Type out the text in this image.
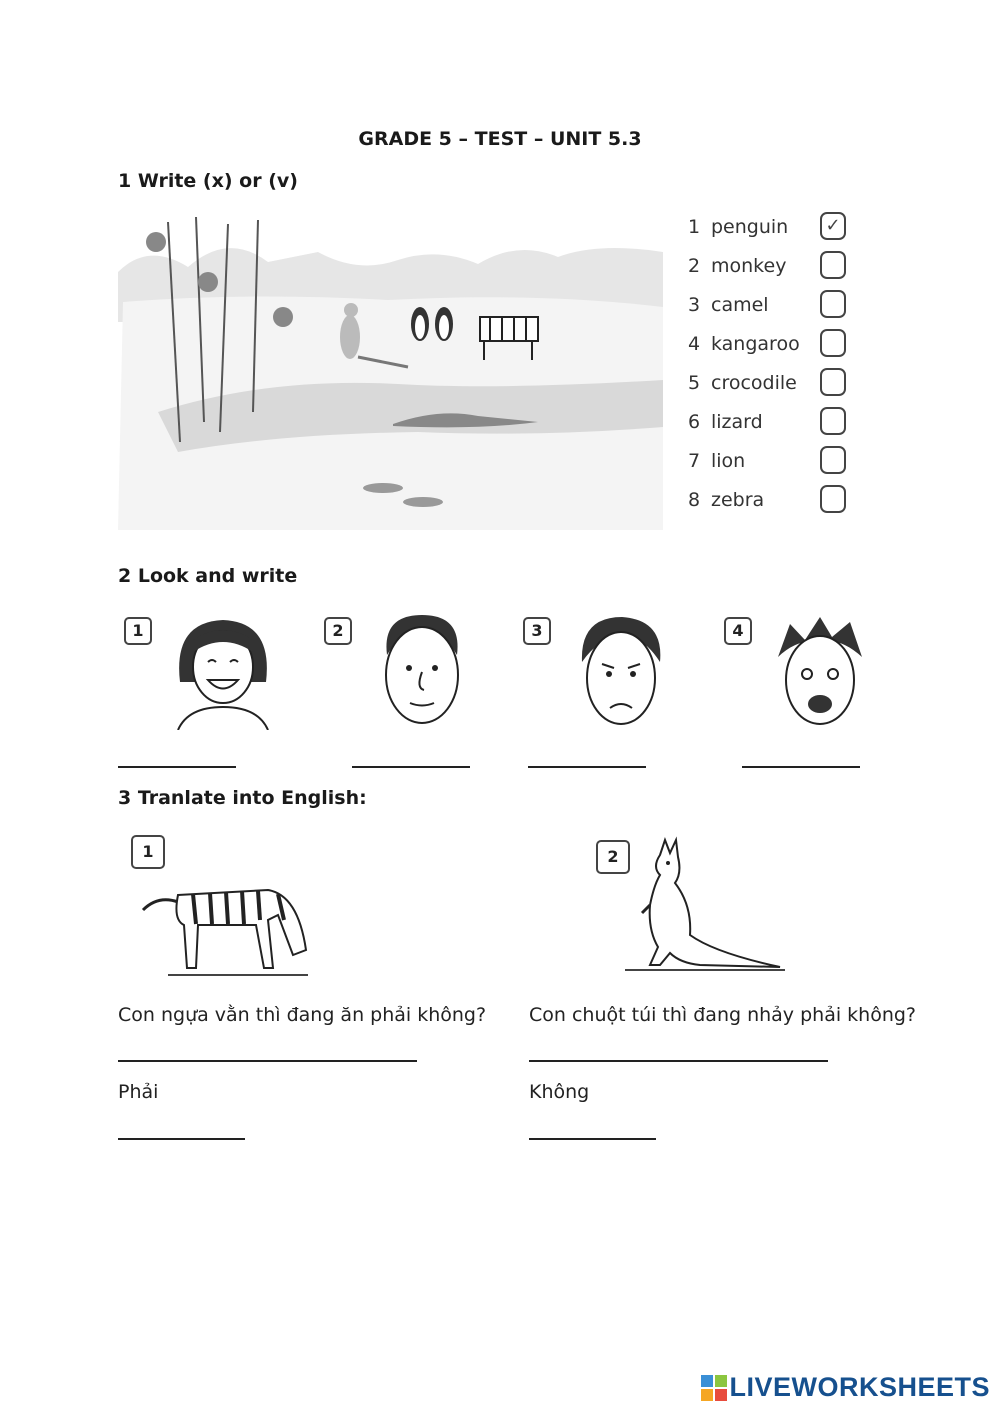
GRADE 5 – TEST – UNIT 5.3
1 Write (x) or (v)
1 penguin	✓
2 monkey
3 camel
4 kangaroo
5 crocodile
6 lizard
7 lion
8 zebra
2 Look and write
1	2	3	4
3 Tranlate into English:
1	2
Con ngựa vằn thì đang ăn phải không? Con chuột túi thì đang nhảy phải không?
Phải	Không
LIVEWORKSHEETS
